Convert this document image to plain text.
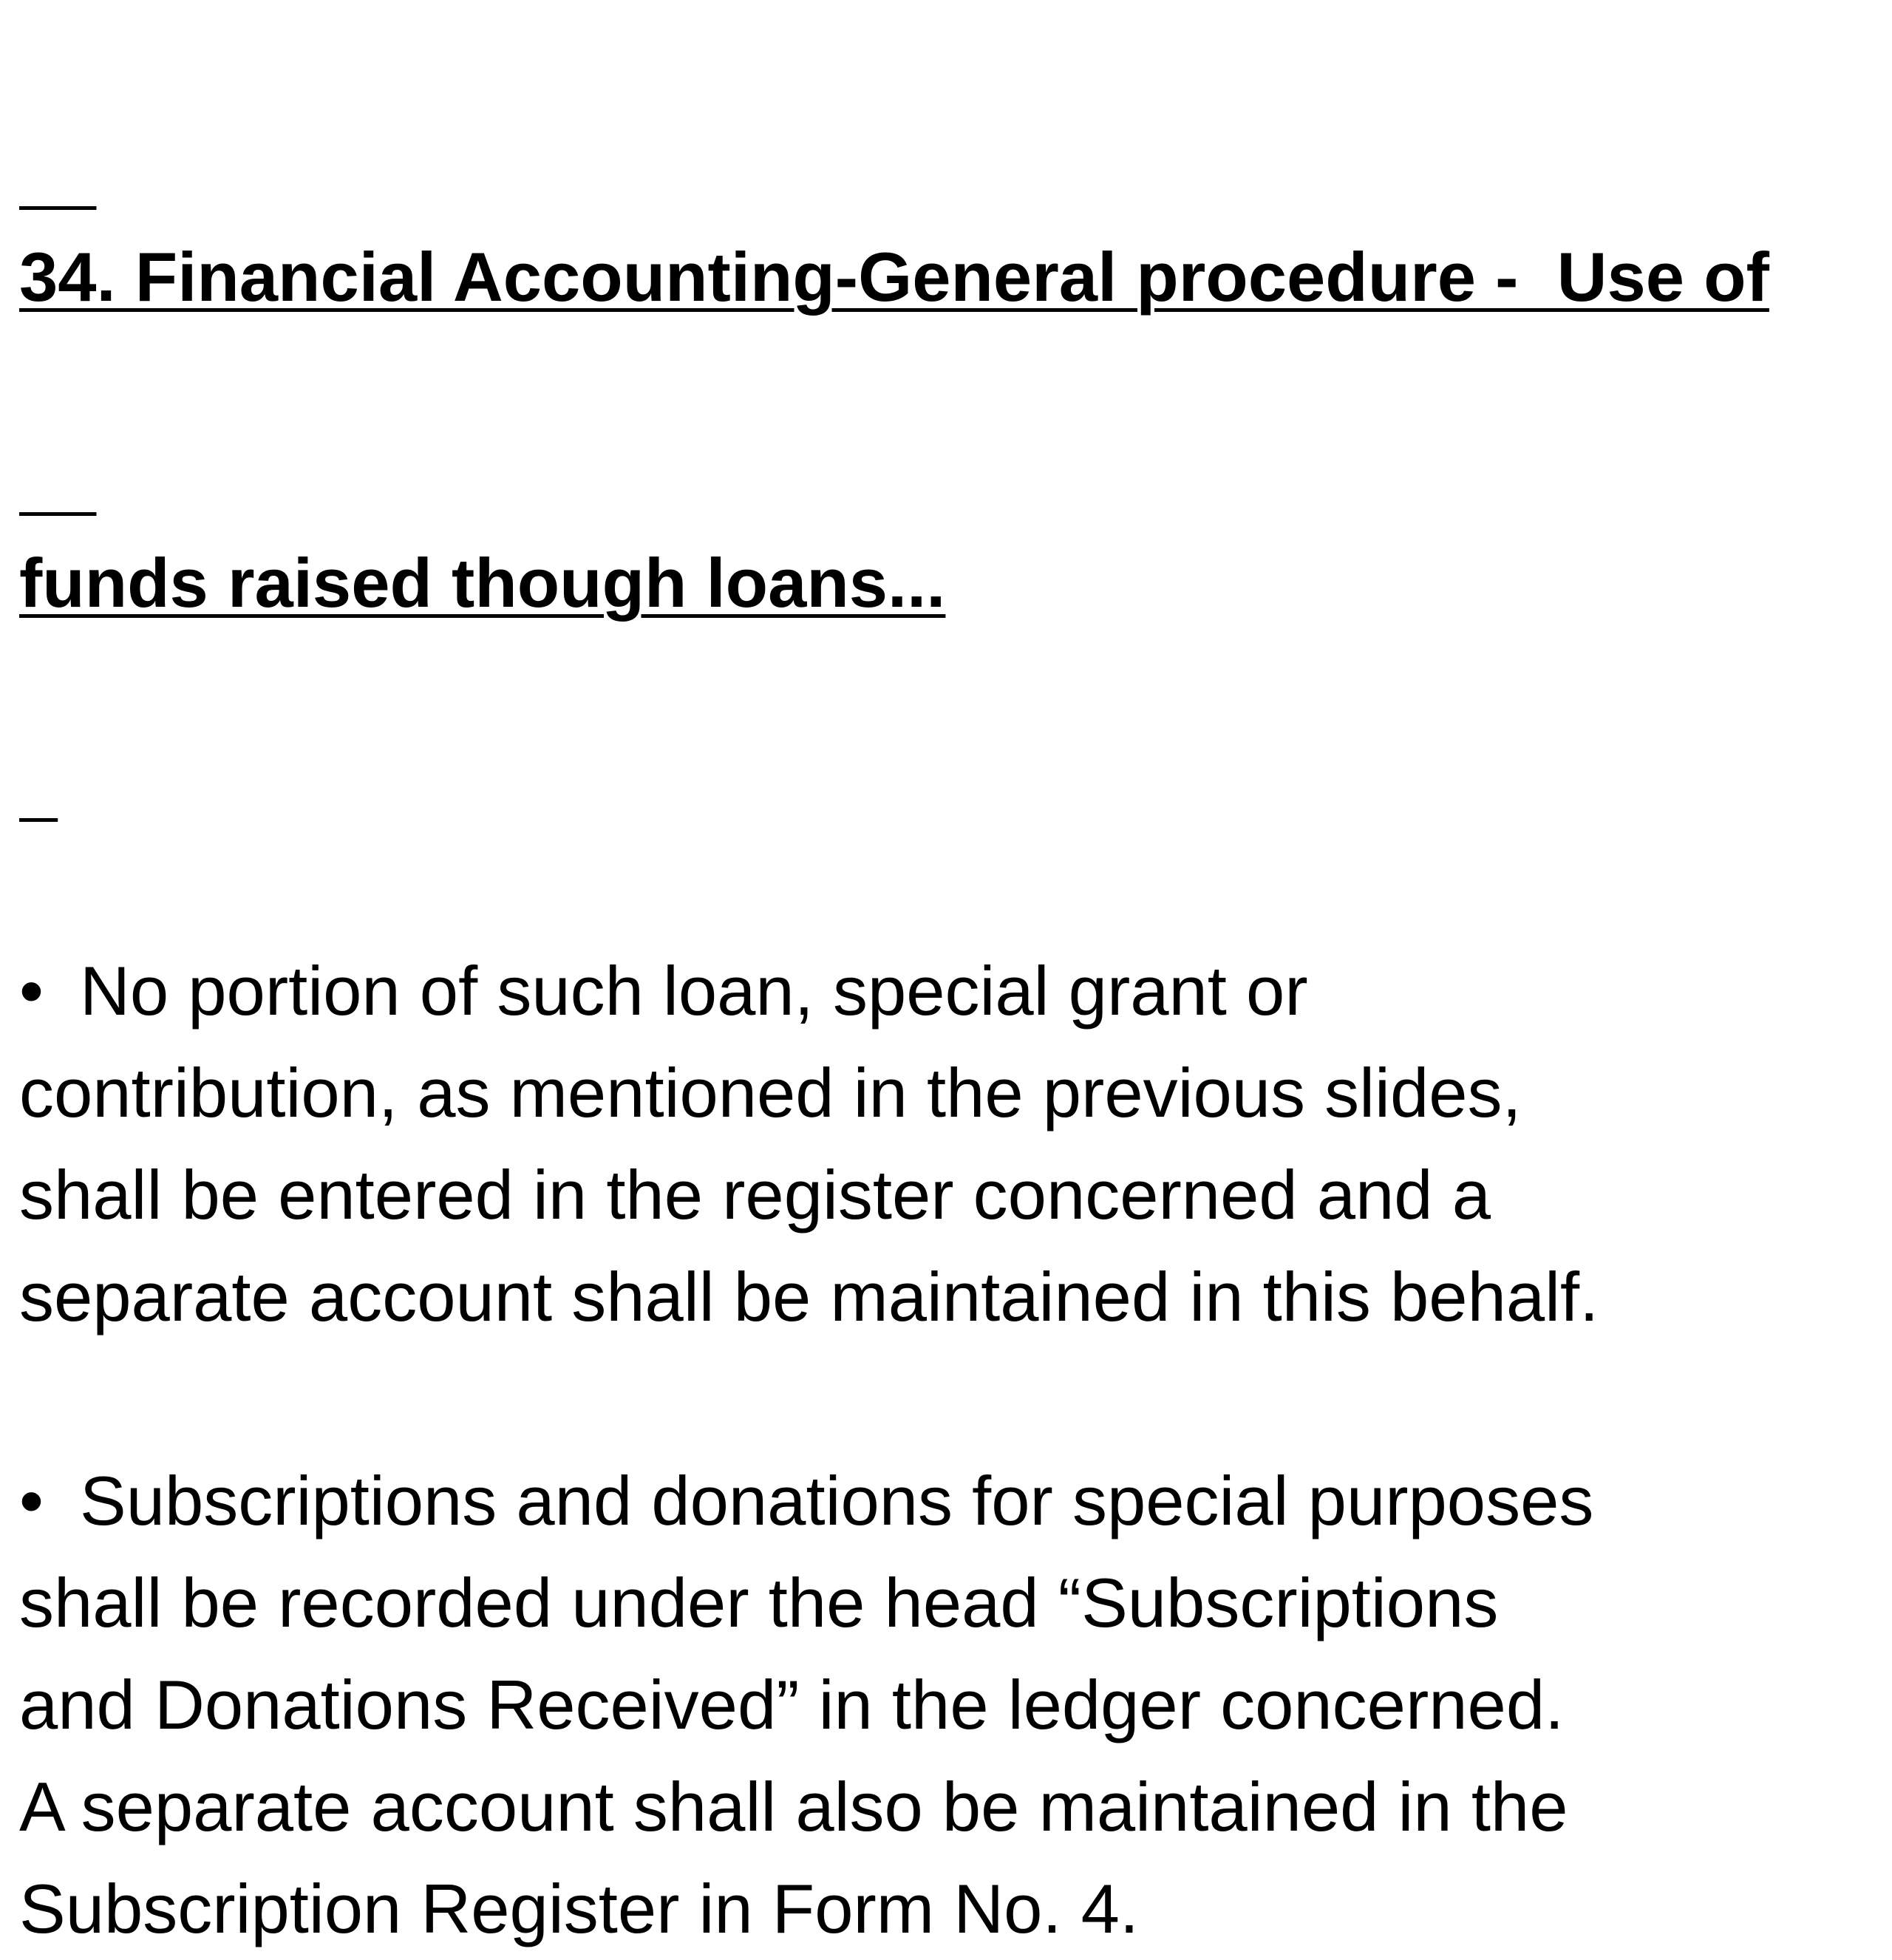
34. Financial Accounting-General procedure -  Use of

funds raised though loans...

• No portion of such loan, special grant or
contribution, as mentioned in the previous slides,
shall be entered in the register concerned and a
separate account shall be maintained in this behalf.
• Subscriptions and donations for special purposes
shall be recorded under the head “Subscriptions
and Donations Received” in the ledger concerned.
A separate account shall also be maintained in the
Subscription Register in Form No. 4.
